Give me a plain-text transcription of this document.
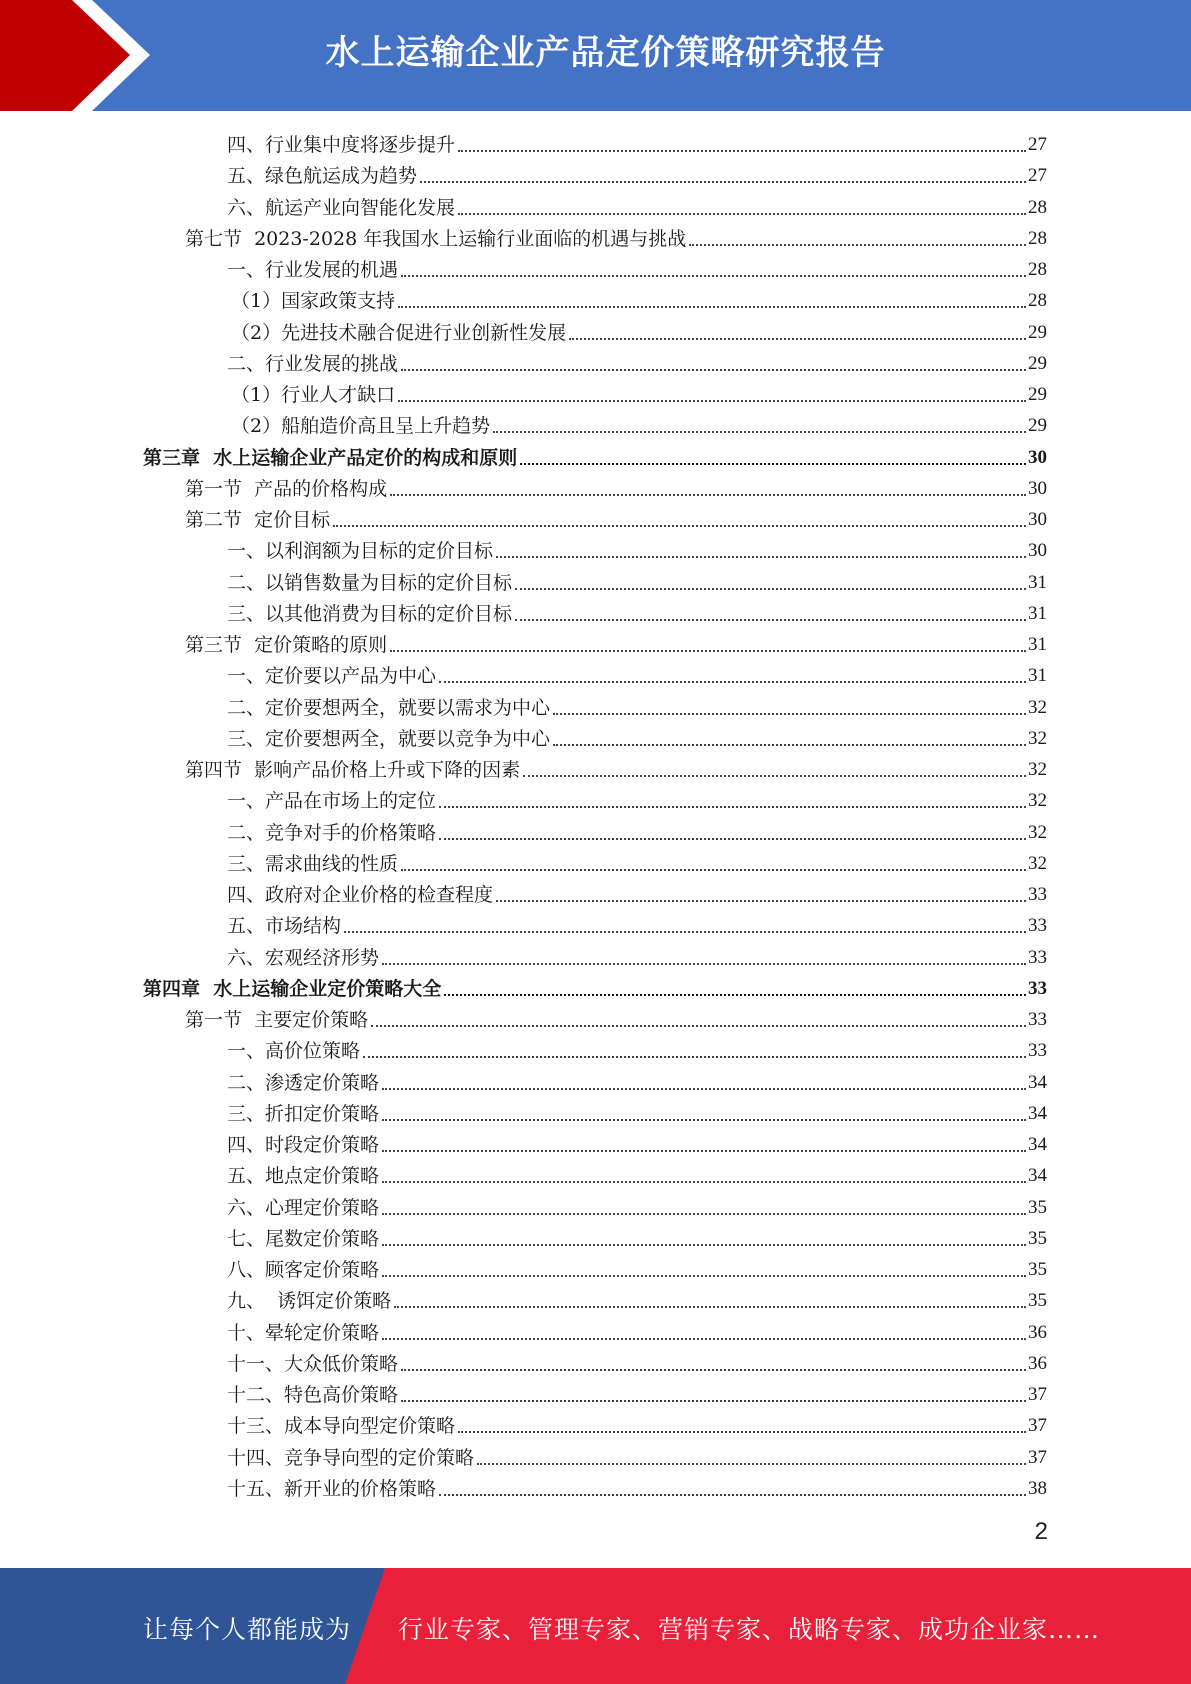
水上运输企业产品定价策略研究报告
四、行业集中度将逐步提升	27
五、绿色航运成为趋势	27
六、航运产业向智能化发展	28
第七节  2023-2028 年我国水上运输行业面临的机遇与挑战	28
一、行业发展的机遇	28
（1）国家政策支持	28
（2）先进技术融合促进行业创新性发展	29
二、行业发展的挑战	29
（1）行业人才缺口	29
（2）船舶造价高且呈上升趋势	29
第三章  水上运输企业产品定价的构成和原则	30
第一节  产品的价格构成	30
第二节  定价目标	30
一、以利润额为目标的定价目标	30
二、以销售数量为目标的定价目标	31
三、以其他消费为目标的定价目标	31
第三节  定价策略的原则	31
一、定价要以产品为中心	31
二、定价要想两全，就要以需求为中心	32
三、定价要想两全，就要以竞争为中心	32
第四节  影响产品价格上升或下降的因素	32
一、产品在市场上的定位	32
二、竞争对手的价格策略	32
三、需求曲线的性质	32
四、政府对企业价格的检查程度	33
五、市场结构	33
六、宏观经济形势	33
第四章  水上运输企业定价策略大全	33
第一节  主要定价策略	33
一、高价位策略	33
二、渗透定价策略	34
三、折扣定价策略	34
四、时段定价策略	34
五、地点定价策略	34
六、心理定价策略	35
七、尾数定价策略	35
八、顾客定价策略	35
九、  诱饵定价策略	35
十、晕轮定价策略	36
十一、大众低价策略	36
十二、特色高价策略	37
十三、成本导向型定价策略	37
十四、竞争导向型的定价策略	37
十五、新开业的价格策略	38
2
让每个人都能成为 行业专家、管理专家、营销专家、战略专家、成功企业家……
